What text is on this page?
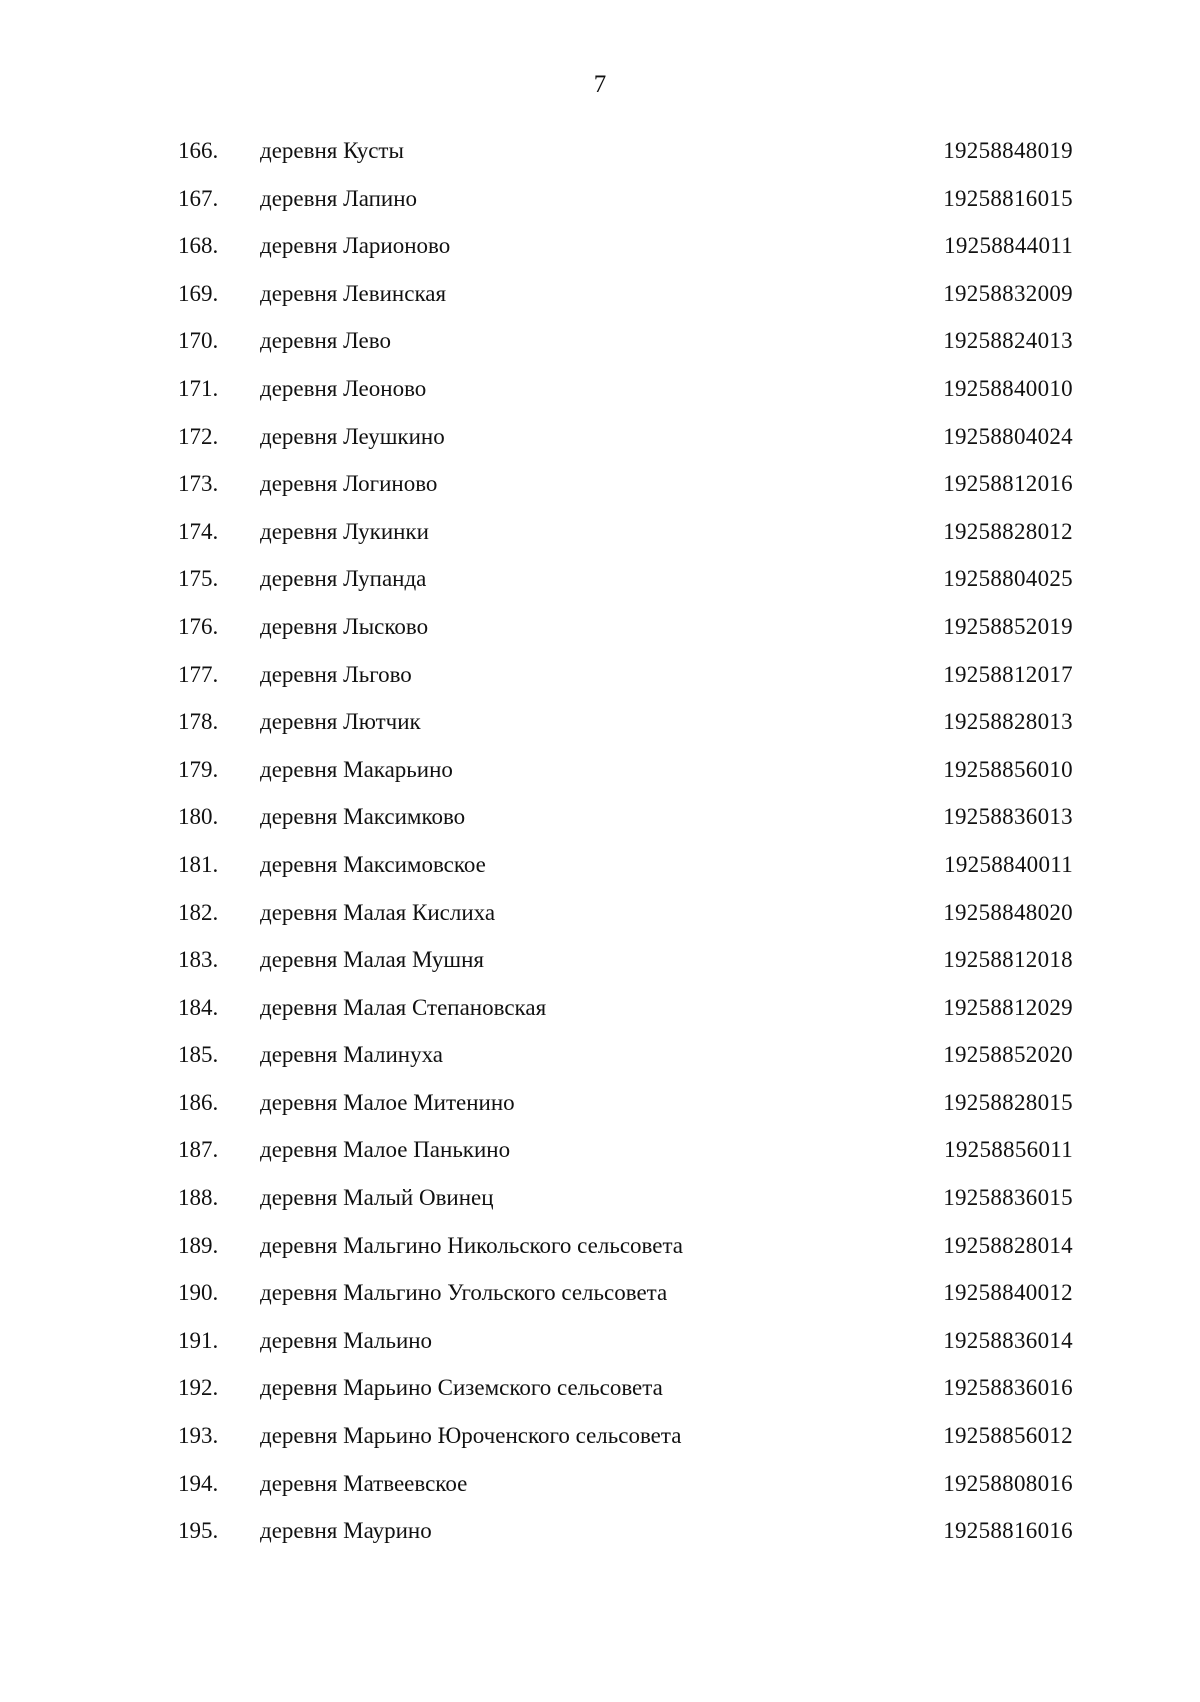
7
166. деревня Кусты	19258848019
167. деревня Лапино	19258816015
168. деревня Ларионово	19258844011
169. деревня Левинская	19258832009
170. деревня Лево	19258824013
171. деревня Леоново	19258840010
172. деревня Леушкино	19258804024
173. деревня Логиново	19258812016
174. деревня Лукинки	19258828012
175. деревня Лупанда	19258804025
176. деревня Лысково	19258852019
177. деревня Льгово	19258812017
178. деревня Лютчик	19258828013
179. деревня Макарьино	19258856010
180. деревня Максимково	19258836013
181. деревня Максимовское	19258840011
182. деревня Малая Кислиха	19258848020
183. деревня Малая Мушня	19258812018
184. деревня Малая Степановская	19258812029
185. деревня Малинуха	19258852020
186. деревня Малое Митенино	19258828015
187. деревня Малое Панькино	19258856011
188. деревня Малый Овинец	19258836015
189. деревня Мальгино Никольского сельсовета	19258828014
190. деревня Мальгино Угольского сельсовета	19258840012
191. деревня Мальино	19258836014
192. деревня Марьино Сиземского сельсовета	19258836016
193. деревня Марьино Юроченского сельсовета	19258856012
194. деревня Матвеевское	19258808016
195. деревня Маурино	19258816016
